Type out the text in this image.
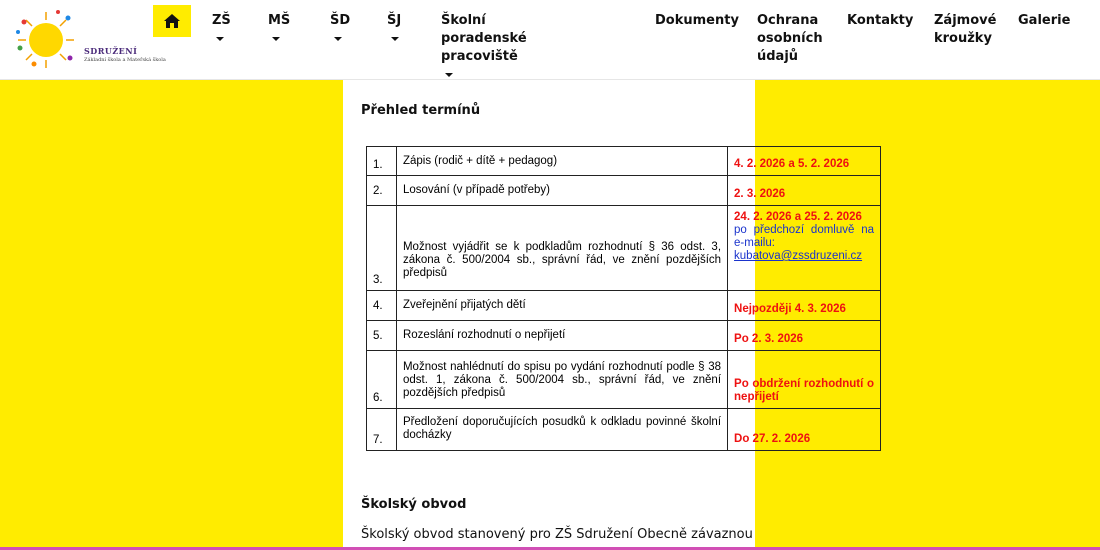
SDRUŽENÍ
Základní škola a Mateřská škola
ZŠ	MŠ	ŠD	ŠJ	Školní poradenské pracoviště
Dokumenty Ochrana
osobních
údajů
Kontakty Zájmové
kroužky
Galerie
Přehled termínů
1.	Zápis (rodič + dítě + pedagog)	4. 2. 2026 a 5. 2. 2026
2.	Losování (v případě potřeby)	2. 3. 2026
3.	Možnost vyjádřit se k podkladům rozhodnutí § 36 odst. 3, zákona č. 500/2004 sb., správní řád, ve znění pozdějších předpisů	24. 2. 2026 a 25. 2. 2026
po předchozí domluvě na e-mailu:
kubatova@zssdruzeni.cz

4.	Zveřejnění přijatých dětí	Nejpozději 4. 3. 2026
5.	Rozeslání rozhodnutí o nepřijetí	Po 2. 3. 2026
6.	Možnost nahlédnutí do spisu po vydání rozhodnutí podle § 38 odst. 1, zákona č. 500/2004 sb., správní řád, ve znění pozdějších předpisů	Po obdržení rozhodnutí o nepřijetí
7.	Předložení doporučujících posudků k odkladu povinné školní docházky	Do 27. 2. 2026
Školský obvod
Školský obvod stanovený pro ZŠ Sdružení Obecně závaznou
